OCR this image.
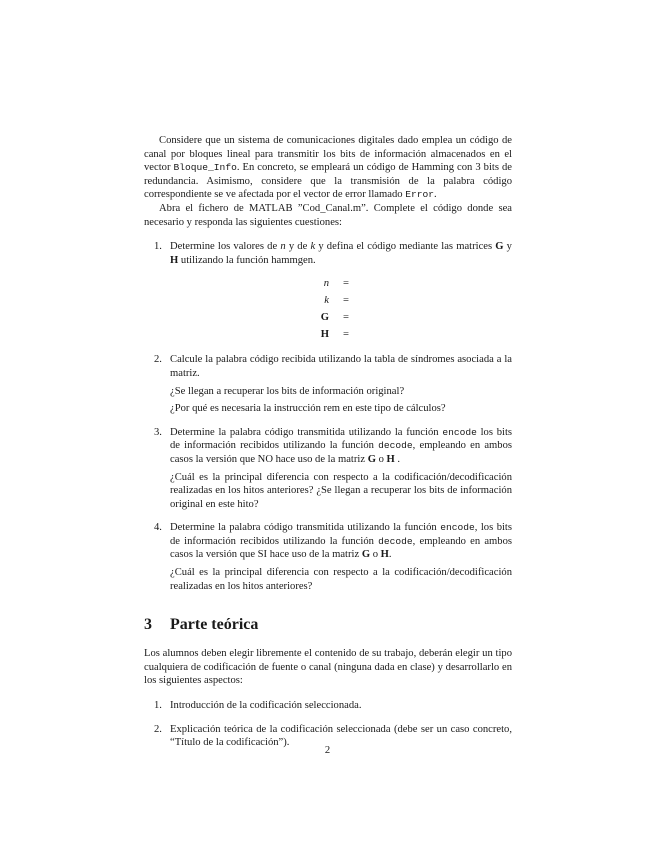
Considere que un sistema de comunicaciones digitales dado emplea un código de canal por bloques lineal para transmitir los bits de información almacenados en el vector Bloque_Info. En concreto, se empleará un código de Hamming con 3 bits de redundancia. Asimismo, considere que la transmisión de la palabra código correspondiente se ve afectada por el vector de error llamado Error.

Abra el fichero de MATLAB ”Cod_Canal.m”. Complete el código donde sea necesario y responda las siguientes cuestiones:

1. Determine los valores de n y de k y defina el código mediante las matrices G y H utilizando la función hammgen.

n	=
k	=
G	=
H	=
2. Calcule la palabra código recibida utilizando la tabla de síndromes asociada a la matriz.

¿Se llegan a recuperar los bits de información original?

¿Por qué es necesaria la instrucción rem en este tipo de cálculos?

3. Determine la palabra código transmitida utilizando la función encode los bits de información recibidos utilizando la función decode, empleando en ambos casos la versión que NO hace uso de la matriz G o H .

¿Cuál es la principal diferencia con respecto a la codificación/decodificación realizadas en los hitos anteriores? ¿Se llegan a recuperar los bits de información original en este hito?

4. Determine la palabra código transmitida utilizando la función encode, los bits de información recibidos utilizando la función decode, empleando en ambos casos la versión que SI hace uso de la matriz G o H.

¿Cuál es la principal diferencia con respecto a la codificación/decodificación realizadas en los hitos anteriores?

3 Parte teórica

Los alumnos deben elegir libremente el contenido de su trabajo, deberán elegir un tipo cualquiera de codificación de fuente o canal (ninguna dada en clase) y desarrollarlo en los siguientes aspectos:

1. Introducción de la codificación seleccionada.

2. Explicación teórica de la codificación seleccionada (debe ser un caso concreto, “Título de la codificación”).

2
